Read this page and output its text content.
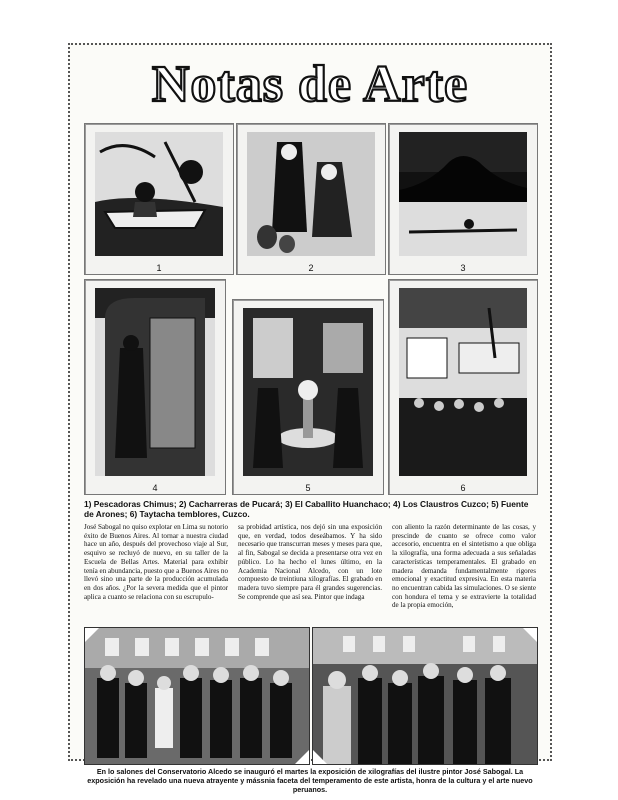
Notas de Arte
1	2	3
4	5	6
1) Pescadoras Chimus; 2) Cacharreras de Pucará; 3) El Caballito Huanchaco; 4) Los Claustros Cuzco; 5) Fuente de Arones; 6) Taytacha temblores, Cuzco.
José Sabogal no quiso explotar en Lima su notorio éxito de Buenos Aires. Al tornar a nuestra ciudad hace un año, después del provechoso viaje al Sur, esquivo se recluyó de nuevo, en su taller de la Escuela de Bellas Artes. Material para exhibir tenía en abundancia, puesto que a Buenos Aires no llevó sino una parte de la producción acumulada en dos años. ¿Por la severa medida que el pintor aplica a cuanto se relaciona con su escrupulo-
sa probidad artística, nos dejó sin una exposición que, en verdad, todos deseábamos. Y ha sido necesario que transcurran meses y meses para que, al fin, Sabogal se decida a presentarse otra vez en público. Lo ha hecho el lunes último, en la Academia Nacional Alcedo, con un lote compuesto de treintiuna xilografías. El grabado en madera tuvo siempre para él grandes sugerencias. Se comprende que así sea. Pintor que indaga
con aliento la razón determinante de las cosas, y prescinde de cuanto se ofrece como valor accesorio, encuentra en el sintetismo a que obliga la xilografía, una forma adecuada a sus señaladas características temperamentales. El grabado en madera demanda fundamentalmente rigores emocional y exactitud expresiva. En esta materia no encuentran cabida las simulaciones. O se siente con hondura el tema y se extravierte la totalidad de la propia emoción,
En lo salones del Conservatorio Alcedo se inauguró el martes la exposición de xilografías del ilustre pintor José Sabogal. La exposición ha revelado una nueva atrayente y mássnia faceta del temperamento de este artista, honra de la cultura y el arte nuevo peruanos.
